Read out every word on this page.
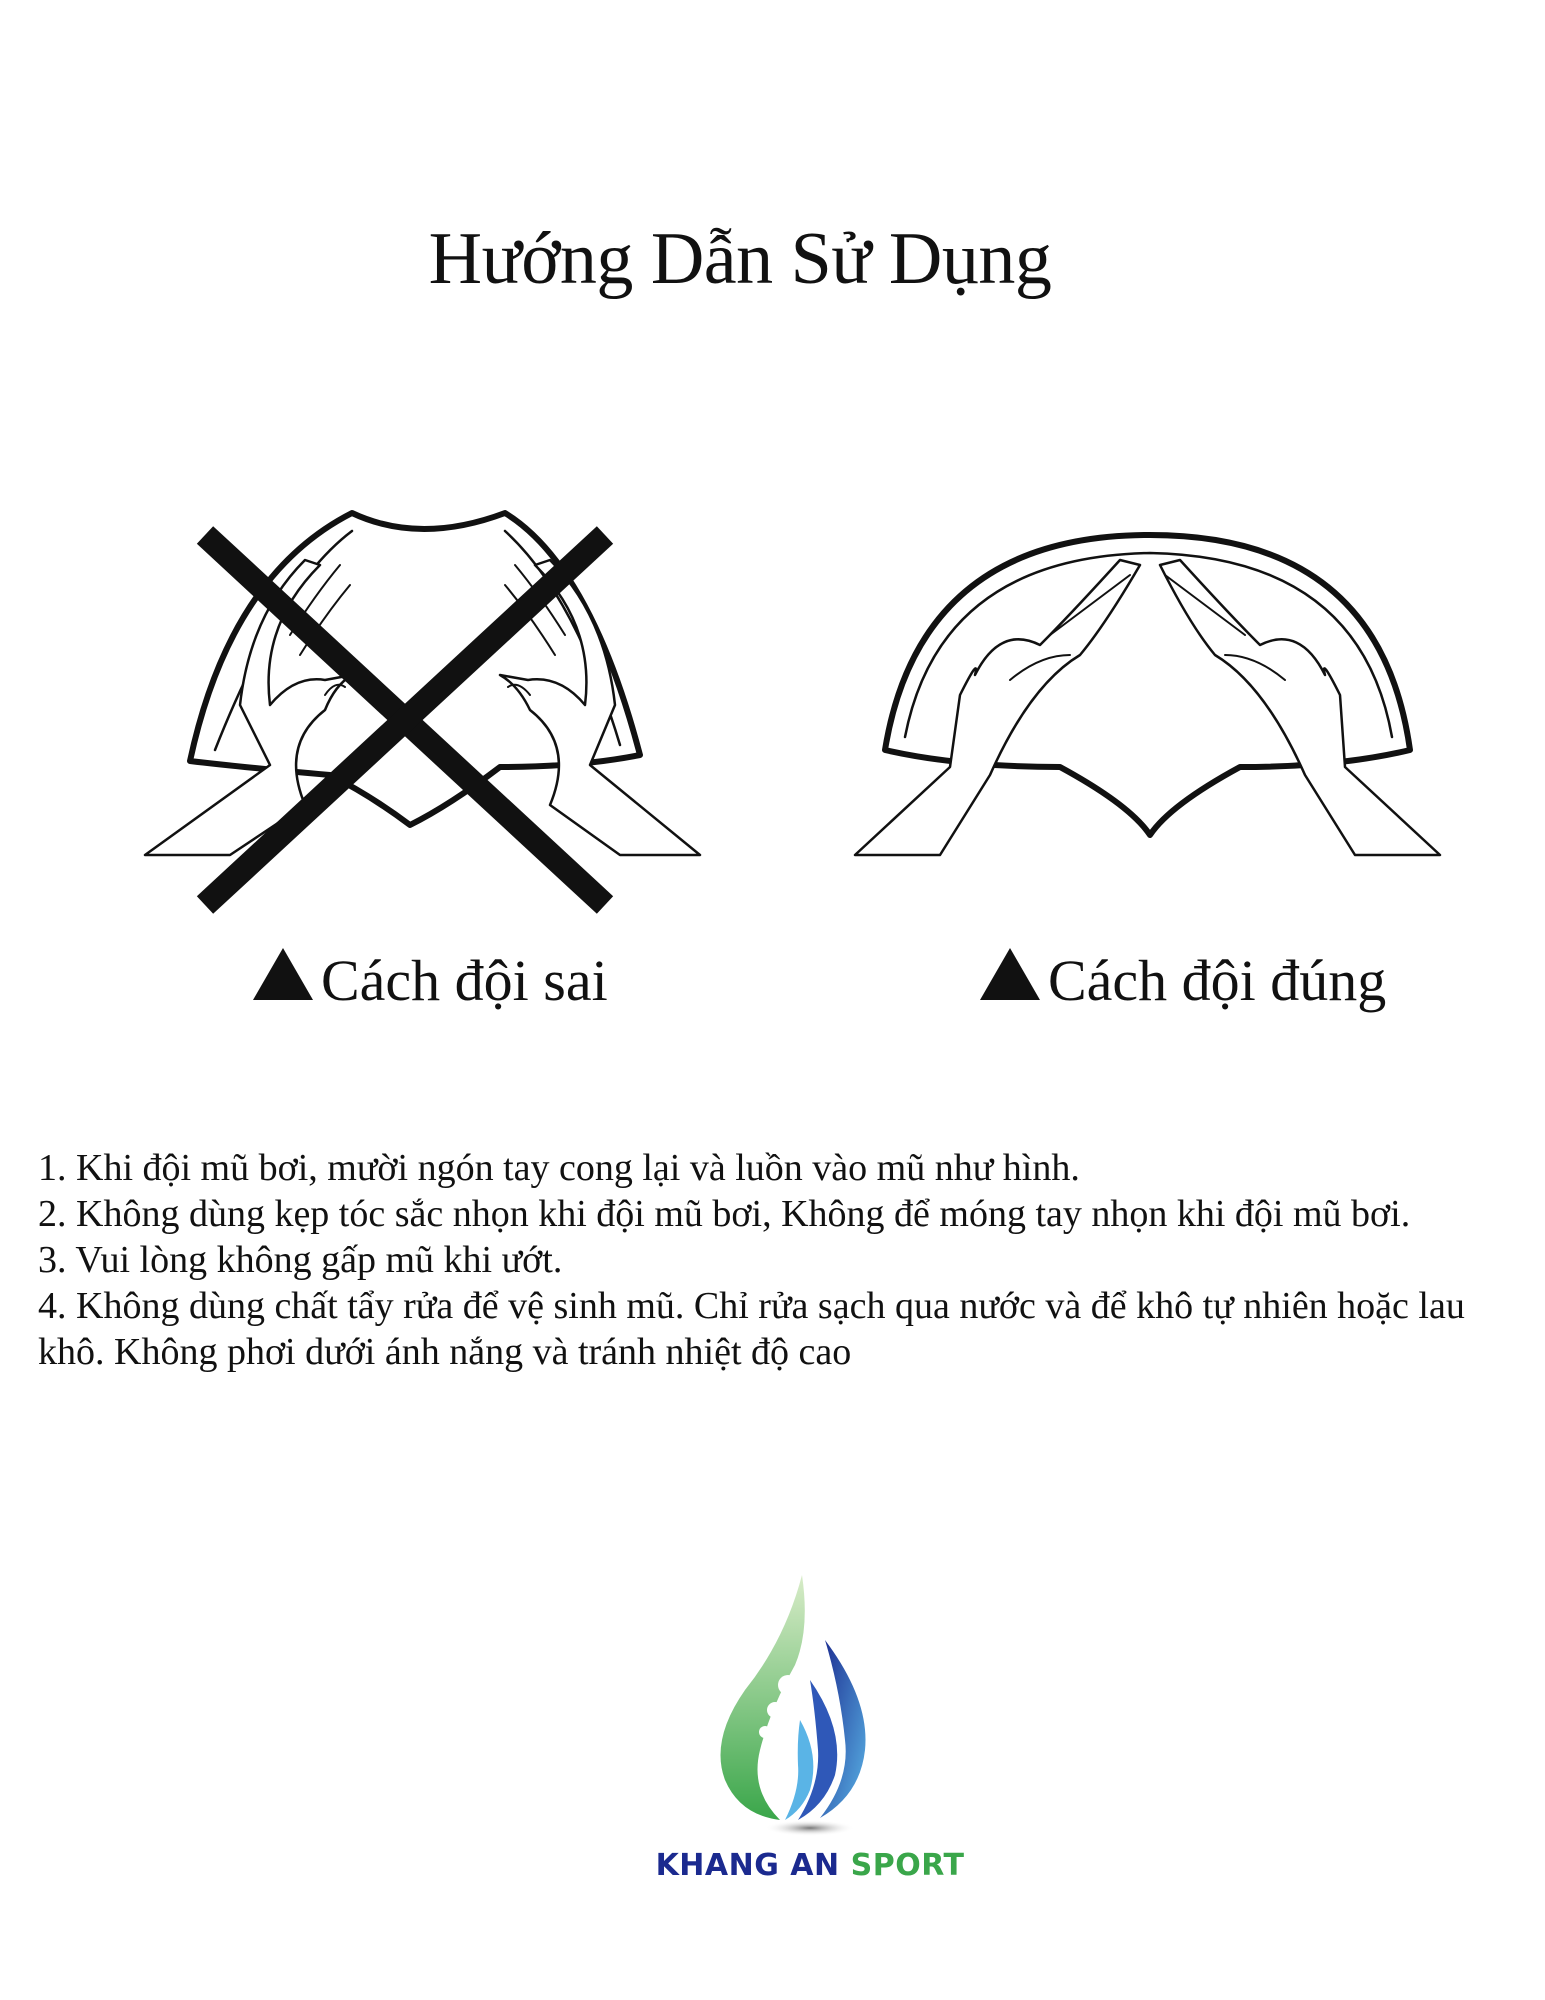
Hướng Dẫn Sử Dụng
Cách đội sai	Cách đội đúng
1. Khi đội mũ bơi, mười ngón tay cong lại và luồn vào mũ như hình.
2. Không dùng kẹp tóc sắc nhọn khi đội mũ bơi, Không để móng tay nhọn khi đội mũ bơi.
3. Vui lòng không gấp mũ khi ướt.
4. Không dùng chất tẩy rửa để vệ sinh mũ. Chỉ rửa sạch qua nước và để khô tự nhiên hoặc lau khô. Không phơi dưới ánh nắng và tránh nhiệt độ cao
KHANG AN SPORT
